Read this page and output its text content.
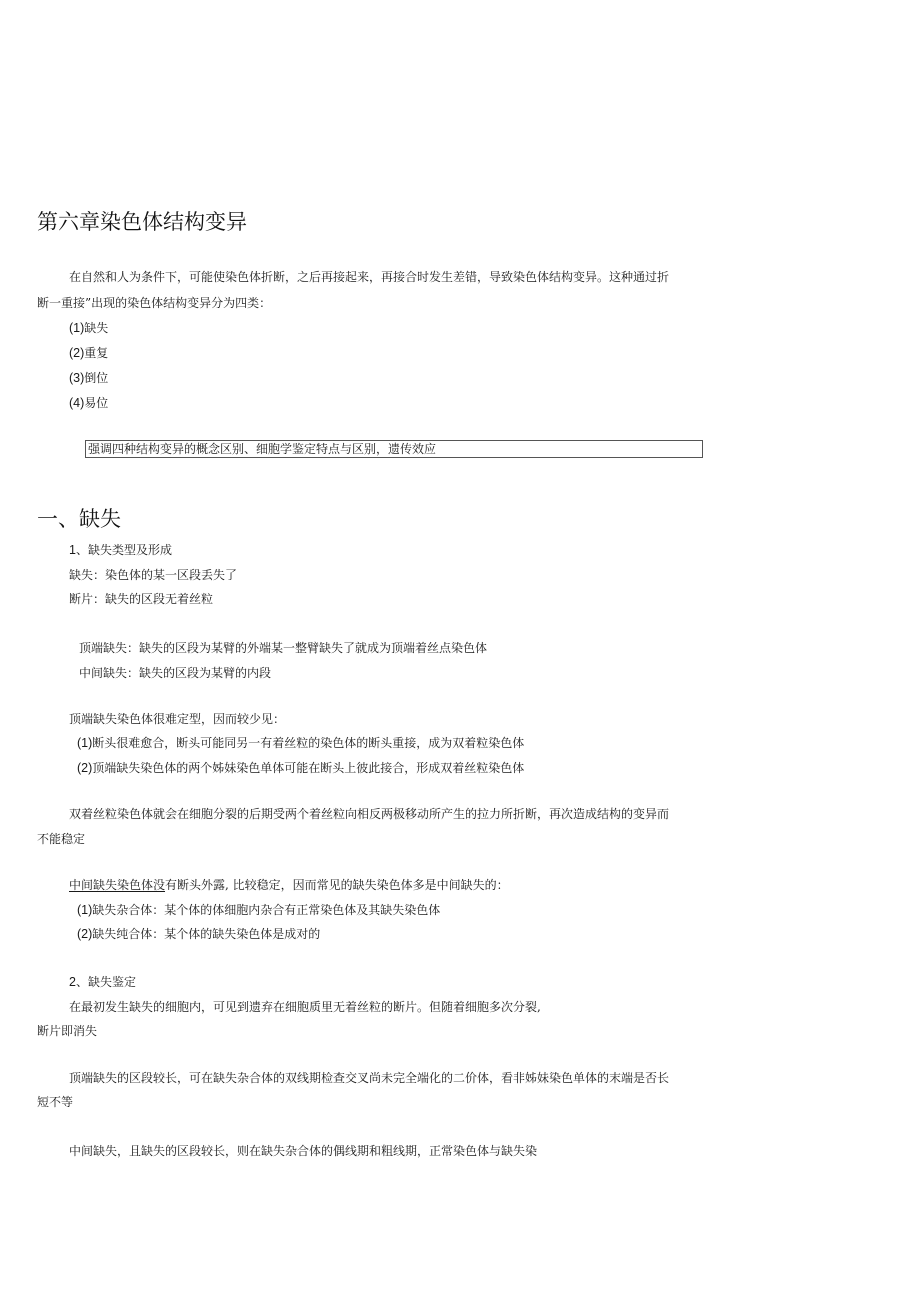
第六章染色体结构变异
在自然和人为条件下，可能使染色体折断，之后再接起来，再接合时发生差错，导致染色体结构变异。这种通过折
断一重接”出现的染色体结构变异分为四类：
(1)缺失
(2)重复
(3)倒位
(4)易位
强调四种结构变异的概念区别、细胞学鉴定特点与区别，遗传效应
一、缺失
1、缺失类型及形成
缺失：染色体的某一区段丢失了
断片：缺失的区段无着丝粒
顶端缺失：缺失的区段为某臂的外端某一整臂缺失了就成为顶端着丝点染色体
中间缺失：缺失的区段为某臂的内段
顶端缺失染色体很难定型，因而较少见：
(1)断头很难愈合，断头可能同另一有着丝粒的染色体的断头重接，成为双着粒染色体
(2)顶端缺失染色体的两个姊妹染色单体可能在断头上彼此接合，形成双着丝粒染色体
双着丝粒染色体就会在细胞分裂的后期受两个着丝粒向相反两极移动所产生的拉力所折断，再次造成结构的变异而
不能稳定
中间缺失染色体没有断头外露, 比较稳定，因而常见的缺失染色体多是中间缺失的：
(1)缺失杂合体：某个体的体细胞内杂合有正常染色体及其缺失染色体
(2)缺失纯合体：某个体的缺失染色体是成对的
2、缺失鉴定
在最初发生缺失的细胞内，可见到遗弃在细胞质里无着丝粒的断片。但随着细胞多次分裂,
断片即消失
顶端缺失的区段较长，可在缺失杂合体的双线期检查交叉尚未完全端化的二价体，看非姊妹染色单体的末端是否长
短不等
中间缺失，且缺失的区段较长，则在缺失杂合体的偶线期和粗线期，正常染色体与缺失染
